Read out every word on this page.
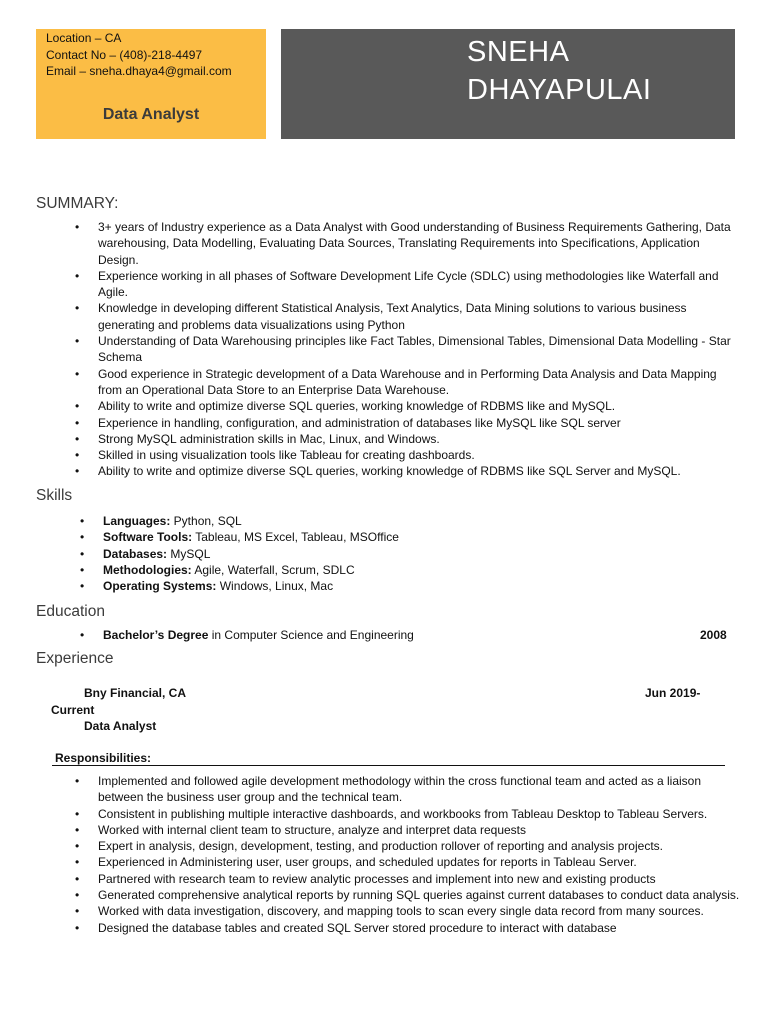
Location – CA
Contact No – (408)-218-4497
Email – sneha.dhaya4@gmail.com
Data Analyst
SNEHA
DHAYAPULAI
SUMMARY:
• 3+ years of Industry experience as a Data Analyst with Good understanding of Business Requirements Gathering, Data warehousing, Data Modelling, Evaluating Data Sources, Translating Requirements into Specifications, Application Design.
• Experience working in all phases of Software Development Life Cycle (SDLC) using methodologies like Waterfall and Agile.
• Knowledge in developing different Statistical Analysis, Text Analytics, Data Mining solutions to various business generating and problems data visualizations using Python
• Understanding of Data Warehousing principles like Fact Tables, Dimensional Tables, Dimensional Data Modelling - Star Schema
• Good experience in Strategic development of a Data Warehouse and in Performing Data Analysis and Data Mapping from an Operational Data Store to an Enterprise Data Warehouse.
• Ability to write and optimize diverse SQL queries, working knowledge of RDBMS like and MySQL.
• Experience in handling, configuration, and administration of databases like MySQL like SQL server
• Strong MySQL administration skills in Mac, Linux, and Windows.
• Skilled in using visualization tools like Tableau for creating dashboards.
• Ability to write and optimize diverse SQL queries, working knowledge of RDBMS like SQL Server and MySQL.
Skills
• Languages: Python, SQL
• Software Tools: Tableau, MS Excel, Tableau, MSOffice
• Databases: MySQL
• Methodologies: Agile, Waterfall, Scrum, SDLC
• Operating Systems: Windows, Linux, Mac
Education
• Bachelor’s Degree in Computer Science and Engineering	2008
Experience
Bny Financial, CA	Jun 2019-
Current
Data Analyst
Responsibilities:
• Implemented and followed agile development methodology within the cross functional team and acted as a liaison between the business user group and the technical team.
• Consistent in publishing multiple interactive dashboards, and workbooks from Tableau Desktop to Tableau Servers.
• Worked with internal client team to structure, analyze and interpret data requests
• Expert in analysis, design, development, testing, and production rollover of reporting and analysis projects.
• Experienced in Administering user, user groups, and scheduled updates for reports in Tableau Server.
• Partnered with research team to review analytic processes and implement into new and existing products
• Generated comprehensive analytical reports by running SQL queries against current databases to conduct data analysis.
• Worked with data investigation, discovery, and mapping tools to scan every single data record from many sources.
• Designed the database tables and created SQL Server stored procedure to interact with database
